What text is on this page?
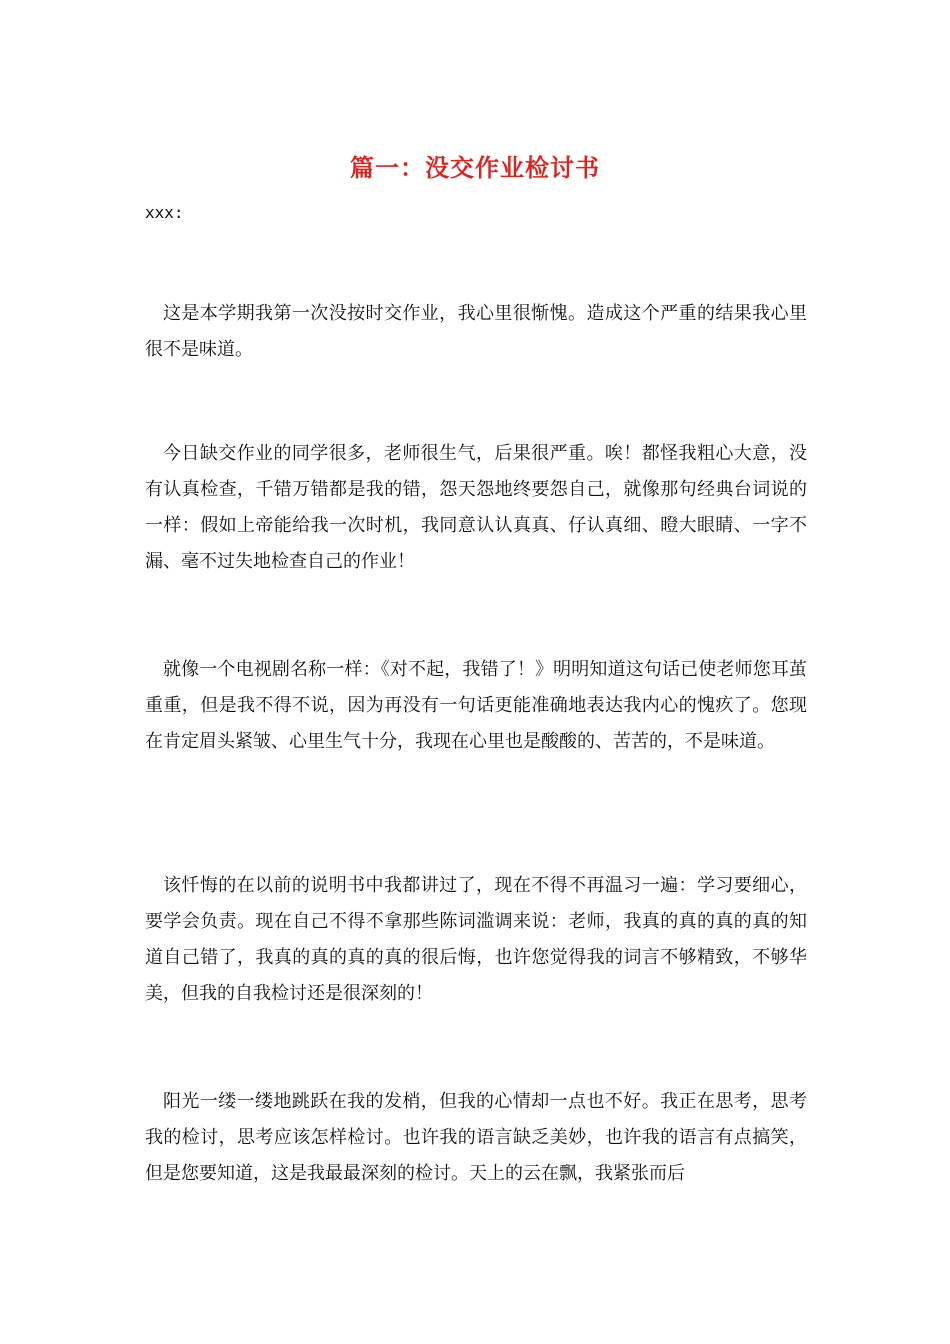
篇一：没交作业检讨书
xxx:

这是本学期我第一次没按时交作业，我心里很惭愧。造成这个严重的结果我心里很不是味道。

今日缺交作业的同学很多，老师很生气，后果很严重。唉！都怪我粗心大意，没有认真检查，千错万错都是我的错，怨天怨地终要怨自己，就像那句经典台词说的一样：假如上帝能给我一次时机，我同意认认真真、仔认真细、瞪大眼睛、一字不漏、毫不过失地检查自己的作业！

就像一个电视剧名称一样：《对不起，我错了！》明明知道这句话已使老师您耳茧重重，但是我不得不说，因为再没有一句话更能准确地表达我内心的愧疚了。您现在肯定眉头紧皱、心里生气十分，我现在心里也是酸酸的、苦苦的，不是味道。

该忏悔的在以前的说明书中我都讲过了，现在不得不再温习一遍：学习要细心，要学会负责。现在自己不得不拿那些陈词滥调来说：老师，我真的真的真的真的知道自己错了，我真的真的真的真的很后悔，也许您觉得我的词言不够精致，不够华美，但我的自我检讨还是很深刻的！

阳光一缕一缕地跳跃在我的发梢，但我的心情却一点也不好。我正在思考，思考我的检讨，思考应该怎样检讨。也许我的语言缺乏美妙，也许我的语言有点搞笑，但是您要知道，这是我最最深刻的检讨。天上的云在飘，我紧张而后
